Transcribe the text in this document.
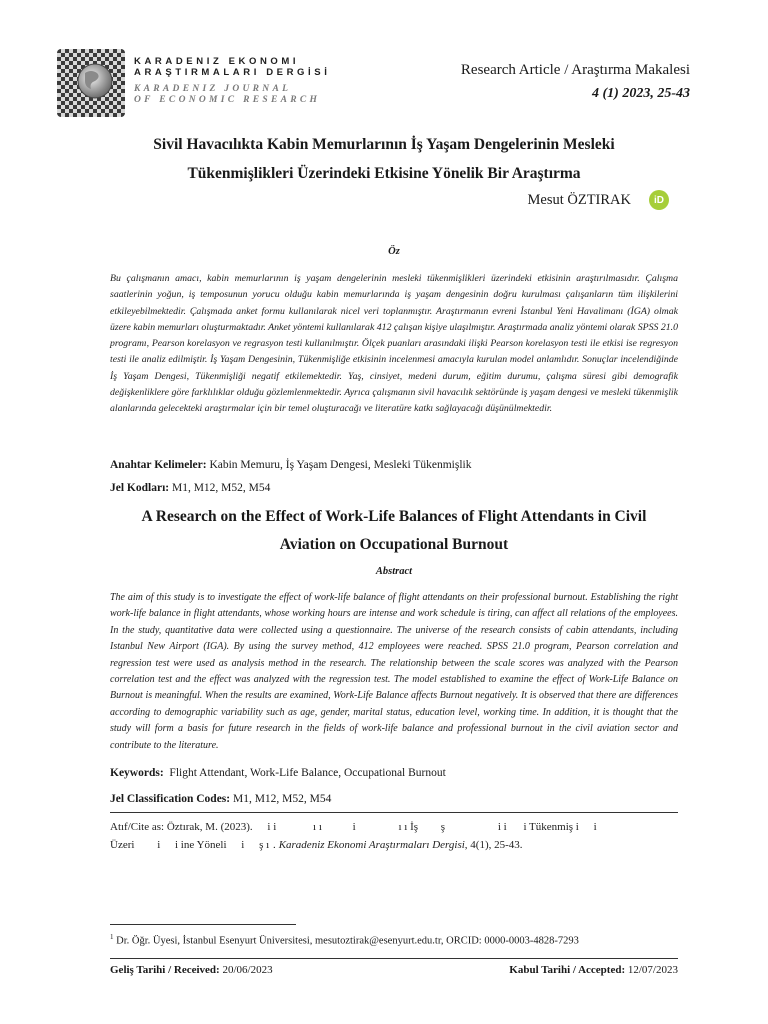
KARADENIZ EKONOMI
ARAŞTIRMALARI DERGİSİ
KARADENIZ JOURNAL
OF ECONOMIC RESEARCH
Research Article / Araştırma Makalesi
4 (1) 2023, 25-43
Sivil Havacılıkta Kabin Memurlarının İş Yaşam Dengelerinin Mesleki
Tükenmişlikleri Üzerindeki Etkisine Yönelik Bir Araştırma
Mesut ÖZTIRAK	iD
Öz
Bu çalışmanın amacı, kabin memurlarının iş yaşam dengelerinin mesleki tükenmişlikleri üzerindeki etkisinin araştırılmasıdır. Çalışma saatlerinin yoğun, iş temposunun yorucu olduğu kabin memurlarında iş yaşam dengesinin doğru kurulması çalışanların tüm ilişkilerini etkileyebilmektedir. Çalışmada anket formu kullanılarak nicel veri toplanmıştır. Araştırmanın evreni İstanbul Yeni Havalimanı (İGA) olmak üzere kabin memurları oluşturmaktadır. Anket yöntemi kullanılarak 412 çalışan kişiye ulaşılmıştır. Araştırmada analiz yöntemi olarak SPSS 21.0 programı, Pearson korelasyon ve regrasyon testi kullanılmıştır. Ölçek puanları arasındaki ilişki Pearson korelasyon testi ile etkisi ise regresyon testi ile analiz edilmiştir. İş Yaşam Dengesinin, Tükenmişliğe etkisinin incelenmesi amacıyla kurulan model anlamlıdır. Sonuçlar incelendiğinde İş Yaşam Dengesi, Tükenmişliği negatif etkilemektedir. Yaş, cinsiyet, medeni durum, eğitim durumu, çalışma süresi gibi demografik değişkenliklere göre farklılıklar olduğu gözlemlenmektedir. Ayrıca çalışmanın sivil havacılık sektöründe iş yaşam dengesi ve mesleki tükenmişlik alanlarında gelecekteki araştırmalar için bir temel oluşturacağı ve literatüre katkı sağlayacağı düşünülmektedir.
Anahtar Kelimeler: Kabin Memuru, İş Yaşam Dengesi, Mesleki Tükenmişlik
Jel Kodları: M1, M12, M52, M54
A Research on the Effect of Work-Life Balances of Flight Attendants in Civil
Aviation on Occupational Burnout
Abstract
The aim of this study is to investigate the effect of work-life balance of flight attendants on their professional burnout. Establishing the right work-life balance in flight attendants, whose working hours are intense and work schedule is tiring, can affect all relations of the employees. In the study, quantitative data were collected using a questionnaire. The universe of the research consists of cabin attendants, including Istanbul New Airport (IGA). By using the survey method, 412 employees were reached. SPSS 21.0 program, Pearson correlation and regression test were used as analysis method in the research. The relationship between the scale scores was analyzed with the Pearson correlation test and the effect was analyzed with the regression test. The model established to examine the effect of Work-Life Balance on Burnout is meaningful. When the results are examined, Work-Life Balance affects Burnout negatively. It is observed that there are differences according to demographic variability such as age, gender, marital status, education level, working time. In addition, it is thought that the study will form a basis for future research in the fields of work-life balance and professional burnout in the civil aviation sector and contribute to the literature.
Keywords: Flight Attendant, Work-Life Balance, Occupational Burnout
Jel Classification Codes: M1, M12, M52, M54
Atıf/Cite as: Öztırak, M. (2023). i i	ı ı	i	ı ı İş ş	i i i Tükenmiş i i
Üzeri i i ine Yöneli i ş ı . Karadeniz Ekonomi Araştırmaları Dergisi, 4(1), 25-43.
$^1$ Dr. Öğr. Üyesi, İstanbul Esenyurt Üniversitesi, mesutoztirak@esenyurt.edu.tr, ORCID: 0000-0003-4828-7293
Geliş Tarihi / Received: 20/06/2023	Kabul Tarihi / Accepted: 12/07/2023
